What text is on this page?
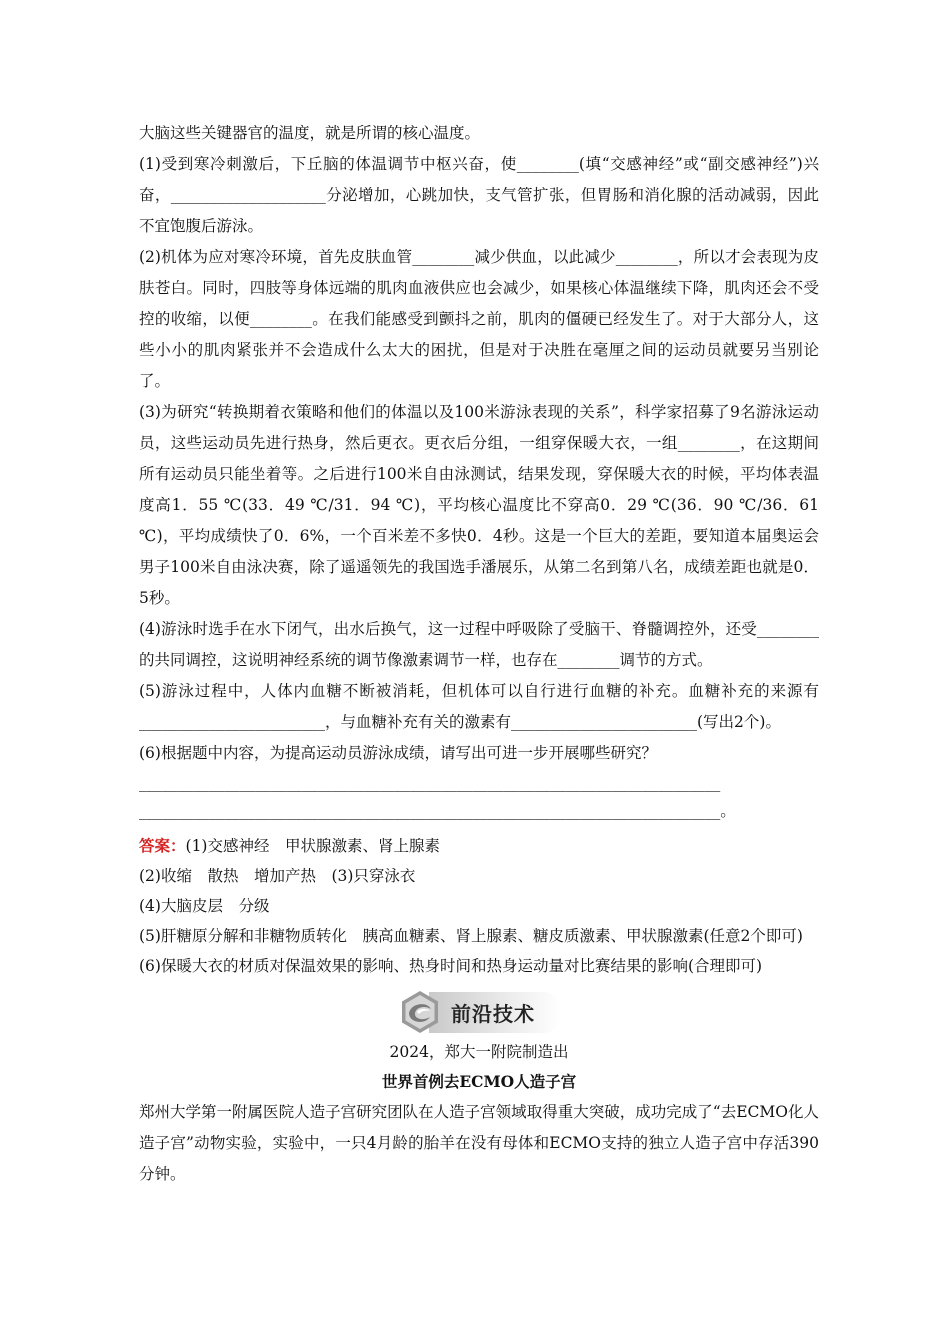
大脑这些关键器官的温度，就是所谓的核心温度。

(1)受到寒冷刺激后，下丘脑的体温调节中枢兴奋，使________(填“交感神经”或“副交感神经”)兴奋，____________________分泌增加，心跳加快，支气管扩张，但胃肠和消化腺的活动减弱，因此不宜饱腹后游泳。

(2)机体为应对寒冷环境，首先皮肤血管________减少供血，以此减少________，所以才会表现为皮肤苍白。同时，四肢等身体远端的肌肉血液供应也会减少，如果核心体温继续下降，肌肉还会不受控的收缩，以便________。在我们能感受到颤抖之前，肌肉的僵硬已经发生了。对于大部分人，这些小小的肌肉紧张并不会造成什么太大的困扰，但是对于决胜在毫厘之间的运动员就要另当别论了。

(3)为研究“转换期着衣策略和他们的体温以及100米游泳表现的关系”，科学家招募了9名游泳运动员，这些运动员先进行热身，然后更衣。更衣后分组，一组穿保暖大衣，一组________，在这期间所有运动员只能坐着等。之后进行100米自由泳测试，结果发现，穿保暖大衣的时候，平均体表温度高1．55 ℃(33．49 ℃/31．94 ℃)，平均核心温度比不穿高0．29 ℃(36．90 ℃/36．61 ℃)，平均成绩快了0．6%，一个百米差不多快0．4秒。这是一个巨大的差距，要知道本届奥运会男子100米自由泳决赛，除了遥遥领先的我国选手潘展乐，从第二名到第八名，成绩差距也就是0．5秒。

(4)游泳时选手在水下闭气，出水后换气，这一过程中呼吸除了受脑干、脊髓调控外，还受________的共同调控，这说明神经系统的调节像激素调节一样，也存在________调节的方式。

(5)游泳过程中，人体内血糖不断被消耗，但机体可以自行进行血糖的补充。血糖补充的来源有________________________，与血糖补充有关的激素有________________________(写出2个)。

(6)根据题中内容，为提高运动员游泳成绩，请写出可进一步开展哪些研究？

___________________________________________________________________________

___________________________________________________________________________。

答案：(1)交感神经　甲状腺激素、肾上腺素

(2)收缩　散热　增加产热　(3)只穿泳衣

(4)大脑皮层　分级

(5)肝糖原分解和非糖物质转化　胰高血糖素、肾上腺素、糖皮质激素、甲状腺激素(任意2个即可)

(6)保暖大衣的材质对保温效果的影响、热身时间和热身运动量对比赛结果的影响(合理即可)

前沿技术

2024，郑大一附院制造出

世界首例去ECMO人造子宫

郑州大学第一附属医院人造子宫研究团队在人造子宫领域取得重大突破，成功完成了“去ECMO化人造子宫”动物实验，实验中，一只4月龄的胎羊在没有母体和ECMO支持的独立人造子宫中存活390分钟。
